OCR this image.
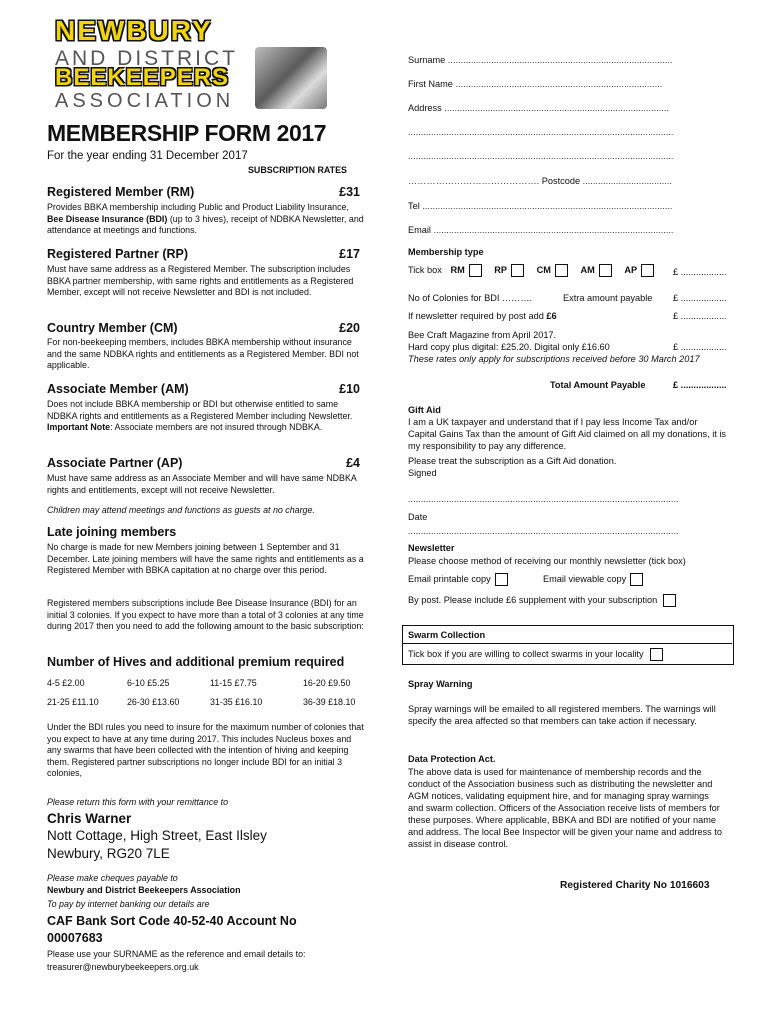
NEWBURY
AND DISTRICT
BEEKEEPERS
ASSOCIATION
MEMBERSHIP FORM 2017
For the year ending 31 December 2017
SUBSCRIPTION RATES
Registered Member (RM)	£31
Provides BBKA membership including Public and Product Liability Insurance, Bee Disease Insurance (BDI) (up to 3 hives), receipt of NDBKA Newsletter, and attendance at meetings and functions.
Registered Partner (RP)	£17
Must have same address as a Registered Member. The subscription includes BBKA partner membership, with same rights and entitlements as a Registered Member, except will not receive Newsletter and BDI is not included.
Country Member (CM)	£20
For non-beekeeping members, includes BBKA membership without insurance and the same NDBKA rights and entitlements as a Registered Member. BDI not applicable.
Associate Member (AM)	£10
Does not include BBKA membership or BDI but otherwise entitled to same NDBKA rights and entitlements as a Registered Member including Newsletter. Important Note: Associate members are not insured through NDBKA.
Associate Partner (AP)	£4
Must have same address as an Associate Member and will have same NDBKA rights and entitlements, except will not receive Newsletter.
Children may attend meetings and functions as guests at no charge.
Late joining members
No charge is made for new Members joining between 1 September and 31 December. Late joining members will have the same rights and entitlements as a Registered Member with BBKA capitation at no charge over this period.
Registered members subscriptions include Bee Disease Insurance (BDI) for an initial 3 colonies. If you expect to have more than a total of 3 colonies at any time during 2017 then you need to add the following amount to the basic subscription:
Number of Hives and additional premium required
4-5 £2.00	6-10 £5.25	11-15 £7.75	16-20 £9.50
21-25 £11.10	26-30 £13.60	31-35 £16.10	36-39 £18.10
Under the BDI rules you need to insure for the maximum number of colonies that you expect to have at any time during 2017. This includes Nucleus boxes and any swarms that have been collected with the intention of hiving and keeping them. Registered partner subscriptions no longer include BDI for an initial 3 colonies,
Please return this form with your remittance to
Chris Warner
Nott Cottage, High Street, East Ilsley
Newbury, RG20 7LE
Please make cheques payable to
Newbury and District Beekeepers Association
To pay by internet banking our details are
CAF Bank Sort Code 40-52-40 Account No 00007683
Please use your SURNAME as the reference and email details to:
treasurer@newburybeekeepers.org.uk
Surname ........................................................................................
First Name .................................................................................
Address ........................................................................................
........................................................................................................
........................................................................................................
……………………………………. Postcode ...................................
Tel ..................................................................................................
Email ..............................................................................................
Membership type
Tick box RM	RP	CM	AM	AP	£ ..................
No of Colonies for BDI ……….	Extra amount payable £ ..................
If newsletter required by post add £6	£ ..................
Bee Craft Magazine from April 2017.
Hard copy plus digital: £25.20. Digital only £16.60	£ ..................
These rates only apply for subscriptions received before 30 March 2017
Total Amount Payable	£ ..................
Gift Aid
I am a UK taxpayer and understand that if I pay less Income Tax and/or Capital Gains Tax than the amount of Gift Aid claimed on all my donations, it is my responsibility to pay any difference.
Please treat the subscription as a Gift Aid donation.
Signed
..........................................................................................................
Date
..........................................................................................................
Newsletter
Please choose method of receiving our monthly newsletter (tick box)
Email printable copy	Email viewable copy
By post. Please include £6 supplement with your subscription
Swarm Collection
Tick box if you are willing to collect swarms in your locality
Spray Warning
Spray warnings will be emailed to all registered members. The warnings will specify the area affected so that members can take action if necessary.
Data Protection Act.
The above data is used for maintenance of membership records and the conduct of the Association business such as distributing the newsletter and AGM notices, validating equipment hire, and for managing spray warnings and swarm collection. Officers of the Association receive lists of members for these purposes. Where applicable, BBKA and BDI are notified of your name and address. The local Bee Inspector will be given your name and address to assist in disease control.
Registered Charity No 1016603
